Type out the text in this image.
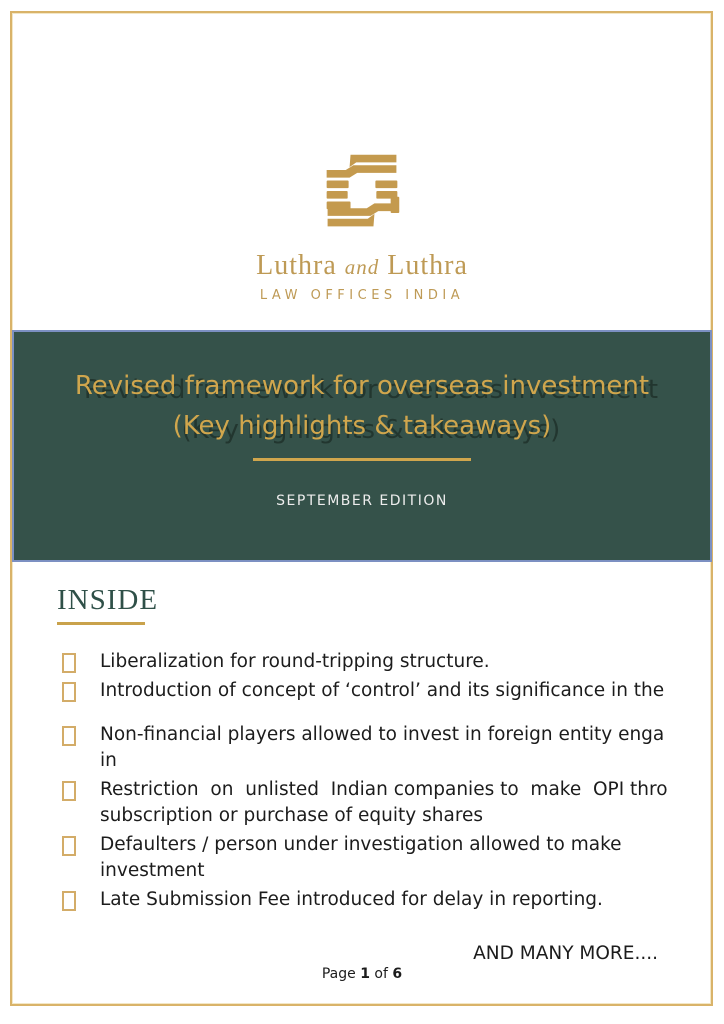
Luthra and Luthra
LAW OFFICES INDIA
Revised framework for overseas investment
(Key highlights & takeaways)
SEPTEMBER EDITION
INSIDE
Liberalization for round-tripping structure.
Introduction of concept of ‘control’ and its significance in the
Non-financial players allowed to invest in foreign entity enga
in
Restriction  on  unlisted  Indian companies to  make  OPI thro
subscription or purchase of equity shares
Defaulters / person under investigation allowed to make
investment
Late Submission Fee introduced for delay in reporting.
AND MANY MORE....
Page 1 of 6
